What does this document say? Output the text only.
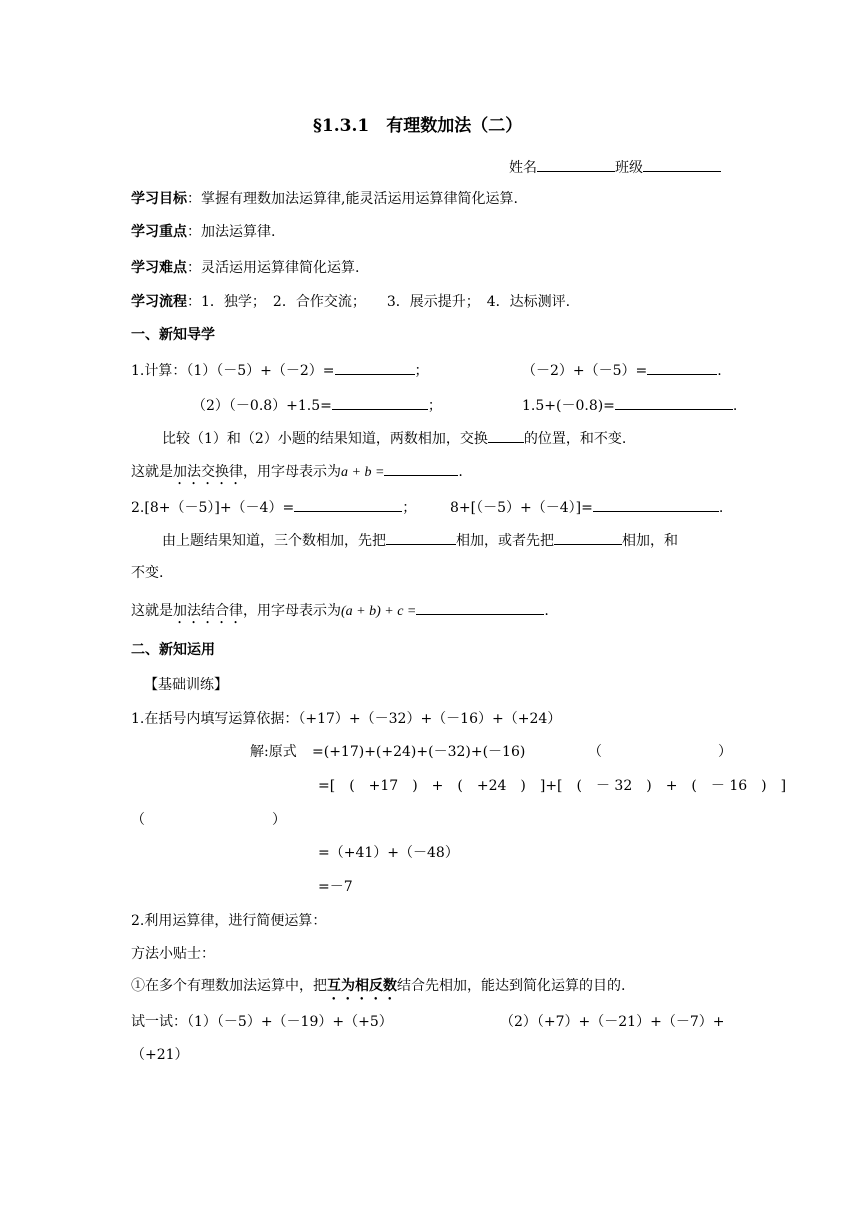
§1.3.1　有理数加法（二）
姓名	班级
学习目标：掌握有理数加法运算律,能灵活运用运算律简化运算.
学习重点：加法运算律.
学习难点：灵活运用运算律简化运算.
学习流程：1．独学；　2．合作交流；　　3．展示提升；　4．达标测评.
一、新知导学
1.计算：（1）（－5）+（－2）=	；	（－2）+（－5）=	.
（2）（－0.8）+1.5=	；	1.5+(－0.8)=	.
比较（1）和（2）小题的结果知道，两数相加，交换	的位置，和不变.
这就是加法交换律，用字母表示为a + b =	.
2.[8+（－5）]+（－4）=	； 8+[（－5）+（－4）]=	.
由上题结果知道，三个数相加，先把	相加，或者先把	相加，和
不变.
这就是加法结合律，用字母表示为(a + b) + c =	.
二、新知运用
【基础训练】
1.在括号内填写运算依据：（+17）+（－32）+（－16）+（+24）
解:原式 =(+17)+(+24)+(－32)+(－16)	（	）
=[　(　+17　)　+　(　+24　)　]+[　(　－ 32　)　+　(　－ 16　)　]
（	）
=（+41）+（－48）
=－7
2.利用运算律，进行简便运算：
方法小贴士：
①在多个有理数加法运算中，把互为相反数结合先相加，能达到简化运算的目的.
试一试：（1）（－5）+（－19）+（+5）	（2）（+7）+（－21）+（－7）+
（+21）
